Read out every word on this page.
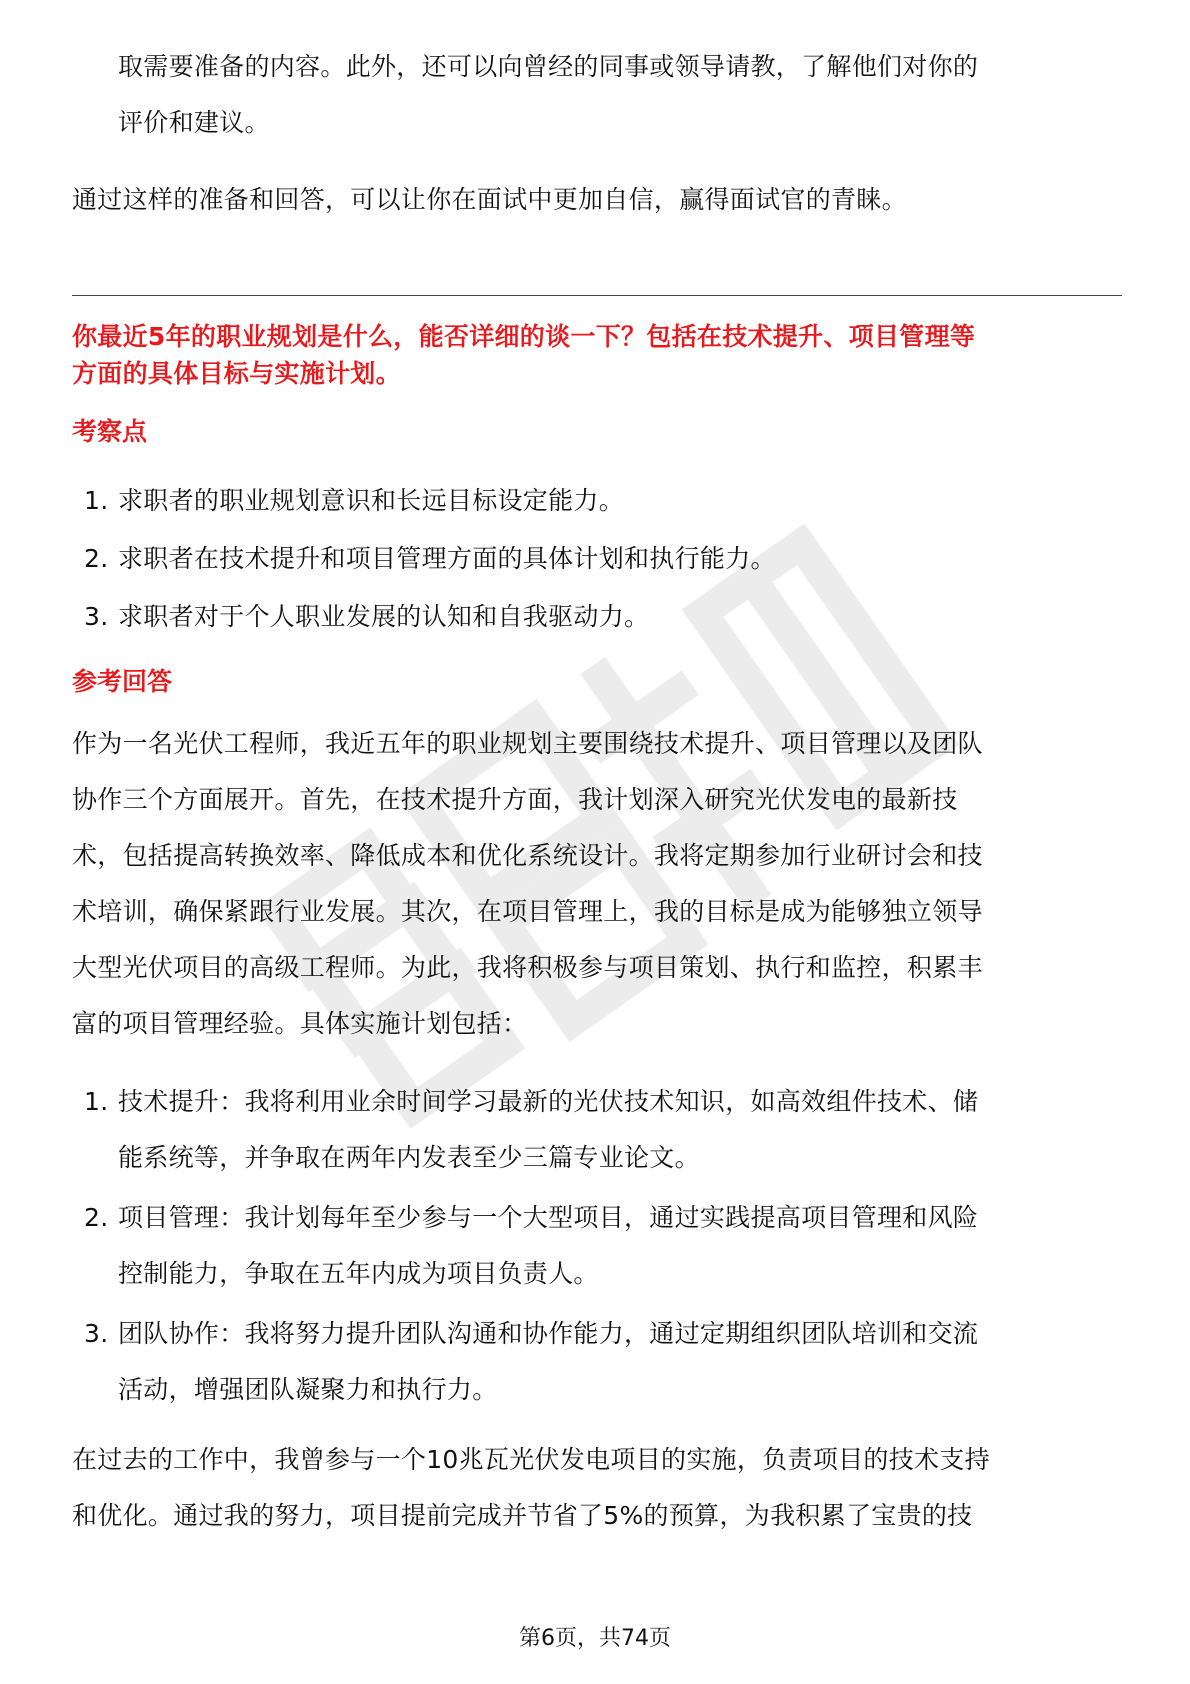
取需要准备的内容。此外，还可以向曾经的同事或领导请教，了解他们对你的
评价和建议。
通过这样的准备和回答，可以让你在面试中更加自信，赢得面试官的青睐。
你最近5年的职业规划是什么，能否详细的谈一下？包括在技术提升、项目管理等
方面的具体目标与实施计划。
考察点
1. 求职者的职业规划意识和长远目标设定能力。
2. 求职者在技术提升和项目管理方面的具体计划和执行能力。
3. 求职者对于个人职业发展的认知和自我驱动力。
参考回答
作为一名光伏工程师，我近五年的职业规划主要围绕技术提升、项目管理以及团队
协作三个方面展开。首先，在技术提升方面，我计划深入研究光伏发电的最新技
术，包括提高转换效率、降低成本和优化系统设计。我将定期参加行业研讨会和技
术培训，确保紧跟行业发展。其次，在项目管理上，我的目标是成为能够独立领导
大型光伏项目的高级工程师。为此，我将积极参与项目策划、执行和监控，积累丰
富的项目管理经验。具体实施计划包括：
1. 技术提升：我将利用业余时间学习最新的光伏技术知识，如高效组件技术、储
能系统等，并争取在两年内发表至少三篇专业论文。
2. 项目管理：我计划每年至少参与一个大型项目，通过实践提高项目管理和风险
控制能力，争取在五年内成为项目负责人。
3. 团队协作：我将努力提升团队沟通和协作能力，通过定期组织团队培训和交流
活动，增强团队凝聚力和执行力。
在过去的工作中，我曾参与一个10兆瓦光伏发电项目的实施，负责项目的技术支持
和优化。通过我的努力，项目提前完成并节省了5%的预算，为我积累了宝贵的技
第6页，共74页
